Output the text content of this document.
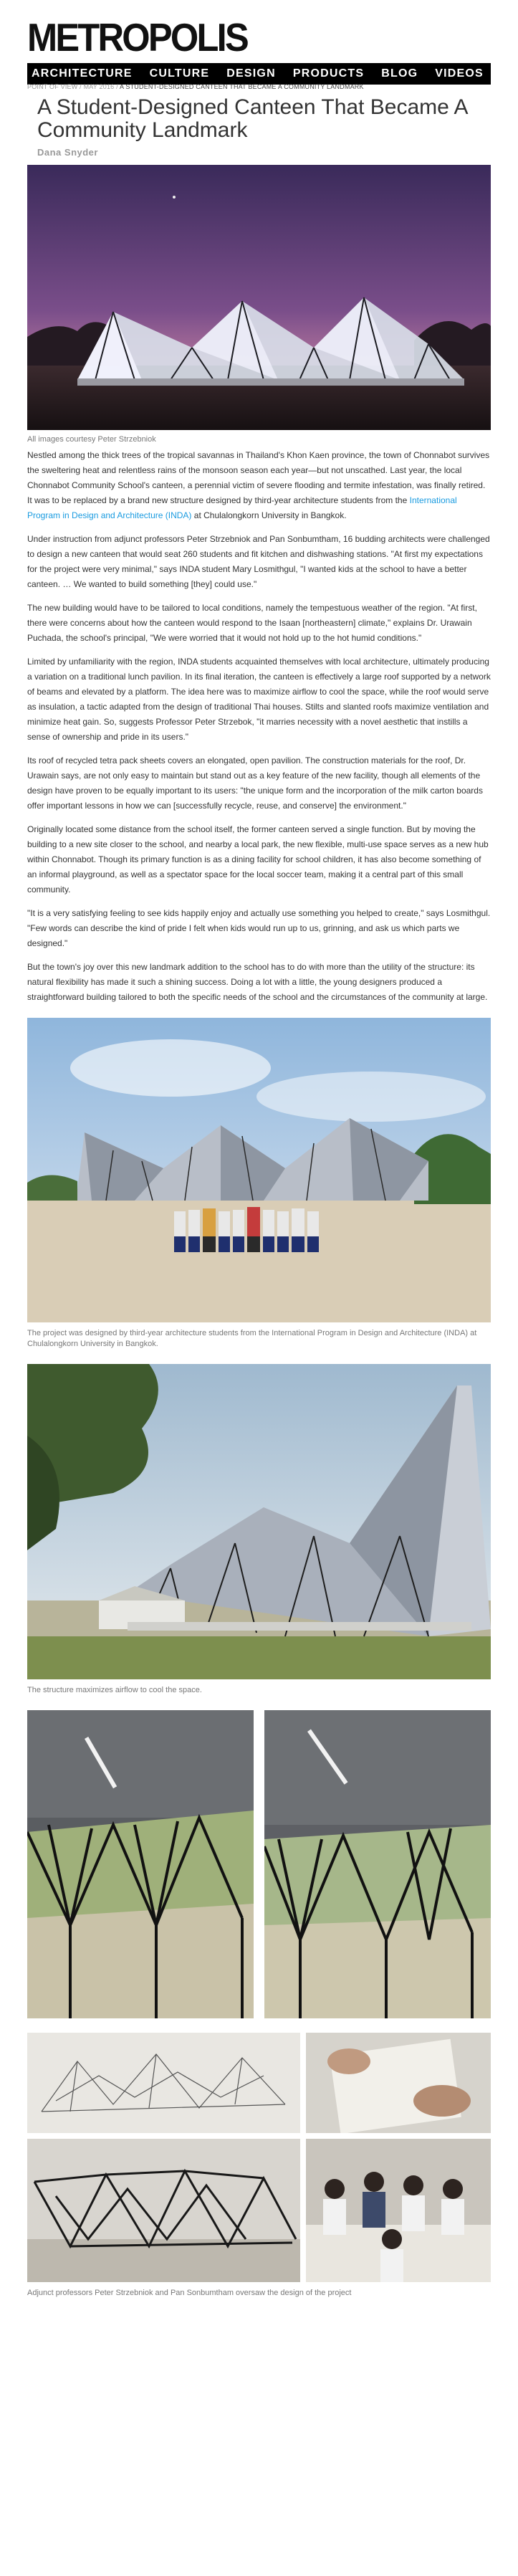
METROPOLIS
ARCHITECTURE CULTURE DESIGN PRODUCTS BLOG VIDEOS
POINT OF VIEW / MAY 2016 / A STUDENT-DESIGNED CANTEEN THAT BECAME A COMMUNITY LANDMARK
A Student-Designed Canteen That Became A Community Landmark
Dana Snyder
All images courtesy Peter Strzebniok

Nestled among the thick trees of the tropical savannas in Thailand's Khon Kaen province, the town of Chonnabot survives the sweltering heat and relentless rains of the monsoon season each year—but not unscathed. Last year, the local Chonnabot Community School's canteen, a perennial victim of severe flooding and termite infestation, was finally retired. It was to be replaced by a brand new structure designed by third-year architecture students from the International Program in Design and Architecture (INDA) at Chulalongkorn University in Bangkok.

Under instruction from adjunct professors Peter Strzebniok and Pan Sonbumtham, 16 budding architects were challenged to design a new canteen that would seat 260 students and fit kitchen and dishwashing stations. "At first my expectations for the project were very minimal," says INDA student Mary Losmithgul, "I wanted kids at the school to have a better canteen. … We wanted to build something [they] could use."

The new building would have to be tailored to local conditions, namely the tempestuous weather of the region. "At first, there were concerns about how the canteen would respond to the Isaan [northeastern] climate," explains Dr. Urawain Puchada, the school's principal, "We were worried that it would not hold up to the hot humid conditions."

Limited by unfamiliarity with the region, INDA students acquainted themselves with local architecture, ultimately producing a variation on a traditional lunch pavilion. In its final iteration, the canteen is effectively a large roof supported by a network of beams and elevated by a platform. The idea here was to maximize airflow to cool the space, while the roof would serve as insulation, a tactic adapted from the design of traditional Thai houses. Stilts and slanted roofs maximize ventilation and minimize heat gain. So, suggests Professor Peter Strzebok, "it marries necessity with a novel aesthetic that instills a sense of ownership and pride in its users."

Its roof of recycled tetra pack sheets covers an elongated, open pavilion. The construction materials for the roof, Dr. Urawain says, are not only easy to maintain but stand out as a key feature of the new facility, though all elements of the design have proven to be equally important to its users: "the unique form and the incorporation of the milk carton boards offer important lessons in how we can [successfully recycle, reuse, and conserve] the environment."

Originally located some distance from the school itself, the former canteen served a single function. But by moving the building to a new site closer to the school, and nearby a local park, the new flexible, multi-use space serves as a new hub within Chonnabot. Though its primary function is as a dining facility for school children, it has also become something of an informal playground, as well as a spectator space for the local soccer team, making it a central part of this small community.

"It is a very satisfying feeling to see kids happily enjoy and actually use something you helped to create," says Losmithgul. "Few words can describe the kind of pride I felt when kids would run up to us, grinning, and ask us which parts we designed."

But the town's joy over this new landmark addition to the school has to do with more than the utility of the structure: its natural flexibility has made it such a shining success. Doing a lot with a little, the young designers produced a straightforward building tailored to both the specific needs of the school and the circumstances of the community at large.

The project was designed by third-year architecture students from the International Program in Design and Architecture (INDA) at Chulalongkorn University in Bangkok.
The structure maximizes airflow to cool the space.
Adjunct professors Peter Strzebniok and Pan Sonbumtham oversaw the design of the project
